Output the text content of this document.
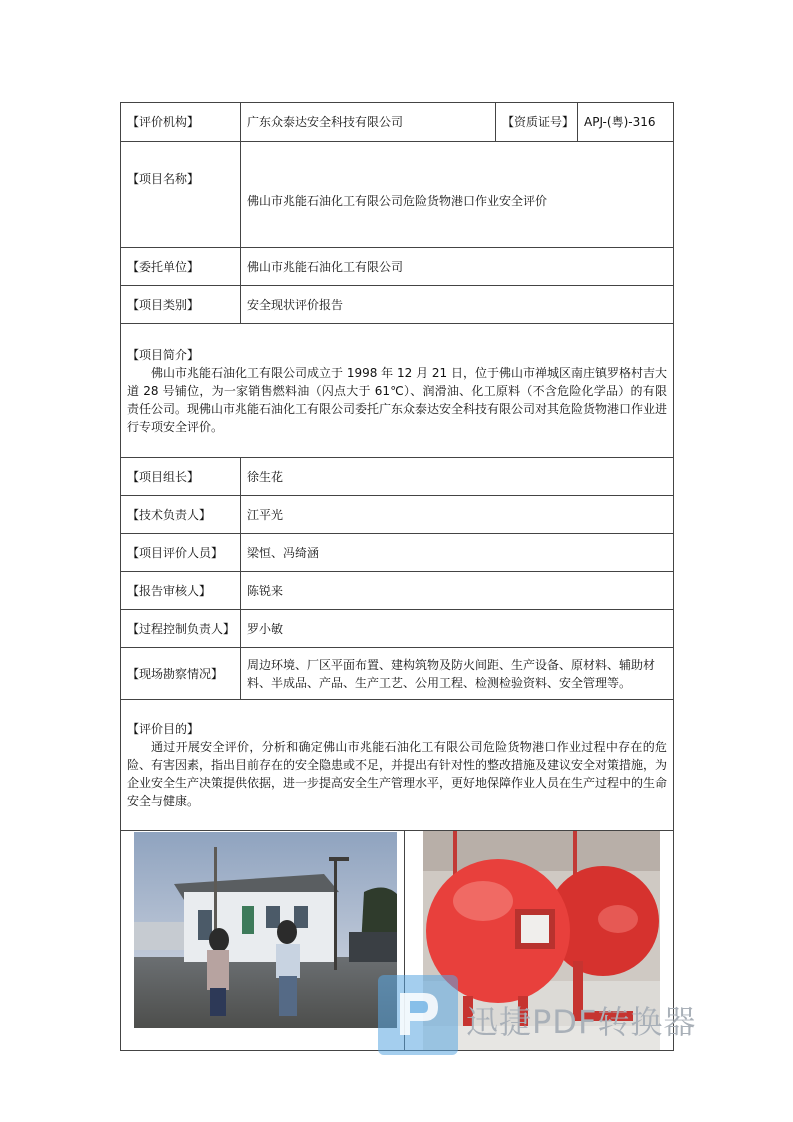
【评价机构】	广东众泰达安全科技有限公司	【资质证号】	APJ-(粤)-316
【项目名称】	佛山市兆能石油化工有限公司危险货物港口作业安全评价		
【委托单位】	佛山市兆能石油化工有限公司		
【项目类别】	安全现状评价报告		

【项目简介】

佛山市兆能石油化工有限公司成立于 1998 年 12 月 21 日，位于佛山市禅城区南庄镇罗格村吉大道 28 号铺位，为一家销售燃料油（闪点大于 61℃）、润滑油、化工原料（不含危险化学品）的有限责任公司。现佛山市兆能石油化工有限公司委托广东众泰达安全科技有限公司对其危险货物港口作业进行专项安全评价。			

【项目组长】	徐生花		
【技术负责人】	江平光		
【项目评价人员】	梁恒、冯绮涵		
【报告审核人】	陈锐来		
【过程控制负责人】	罗小敏		
【现场勘察情况】	周边环境、厂区平面布置、建构筑物及防火间距、生产设备、原材料、辅助材料、半成品、产品、生产工艺、公用工程、检测检验资料、安全管理等。		

【评价目的】

通过开展安全评价，分析和确定佛山市兆能石油化工有限公司危险货物港口作业过程中存在的危险、有害因素，指出目前存在的安全隐患或不足，并提出有针对性的整改措施及建议安全对策措施，为企业安全生产决策提供依据，进一步提高安全生产管理水平，更好地保障作业人员在生产过程中的生命安全与健康。			

迅捷PDF转换器
